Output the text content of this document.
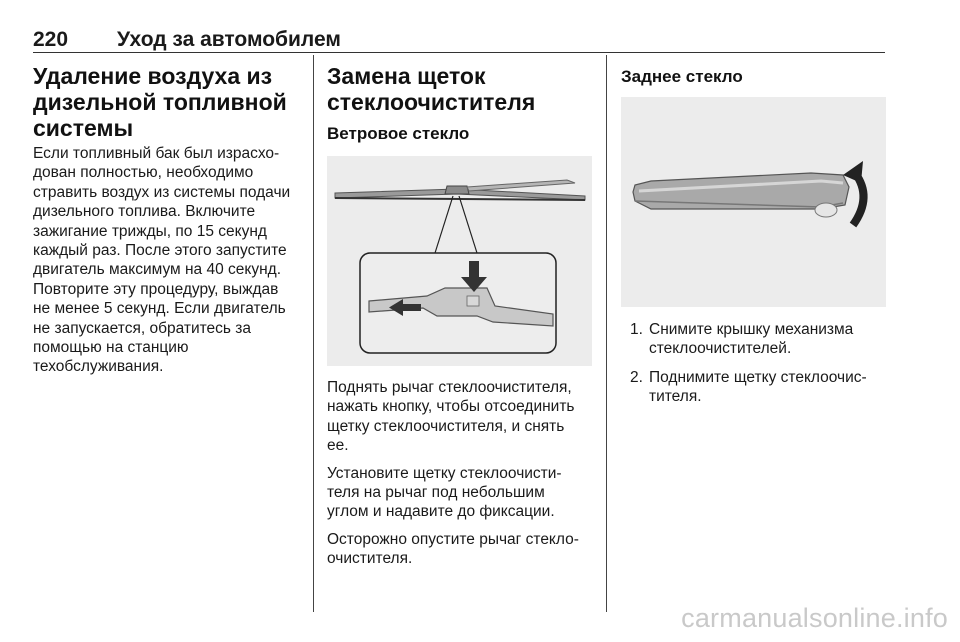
220 Уход за автомобилем
Удаление воздуха из
дизельной топливной
системы

Если топливный бак был израсхо-
дован полностью, необходимо
стравить воздух из системы подачи
дизельного топлива. Включите
зажигание трижды, по 15 секунд
каждый раз. После этого запустите
двигатель максимум на 40 секунд.
Повторите эту процедуру, выждав
не менее 5 секунд. Если двигатель
не запускается, обратитесь за
помощью на станцию
техобслуживания.

Замена щеток
стеклоочистителя
Ветровое стекло

Поднять рычаг стеклоочистителя,
нажать кнопку, чтобы отсоединить
щетку стеклоочистителя, и снять
ее.

Установите щетку стеклоочисти-
теля на рычаг под небольшим
углом и надавите до фиксации.

Осторожно опустите рычаг стекло-
очистителя.

Заднее стекло
1. Снимите крышку механизма
стеклоочистителей.
2. Поднимите щетку стеклоочис-
тителя.
carmanualsonline.info
